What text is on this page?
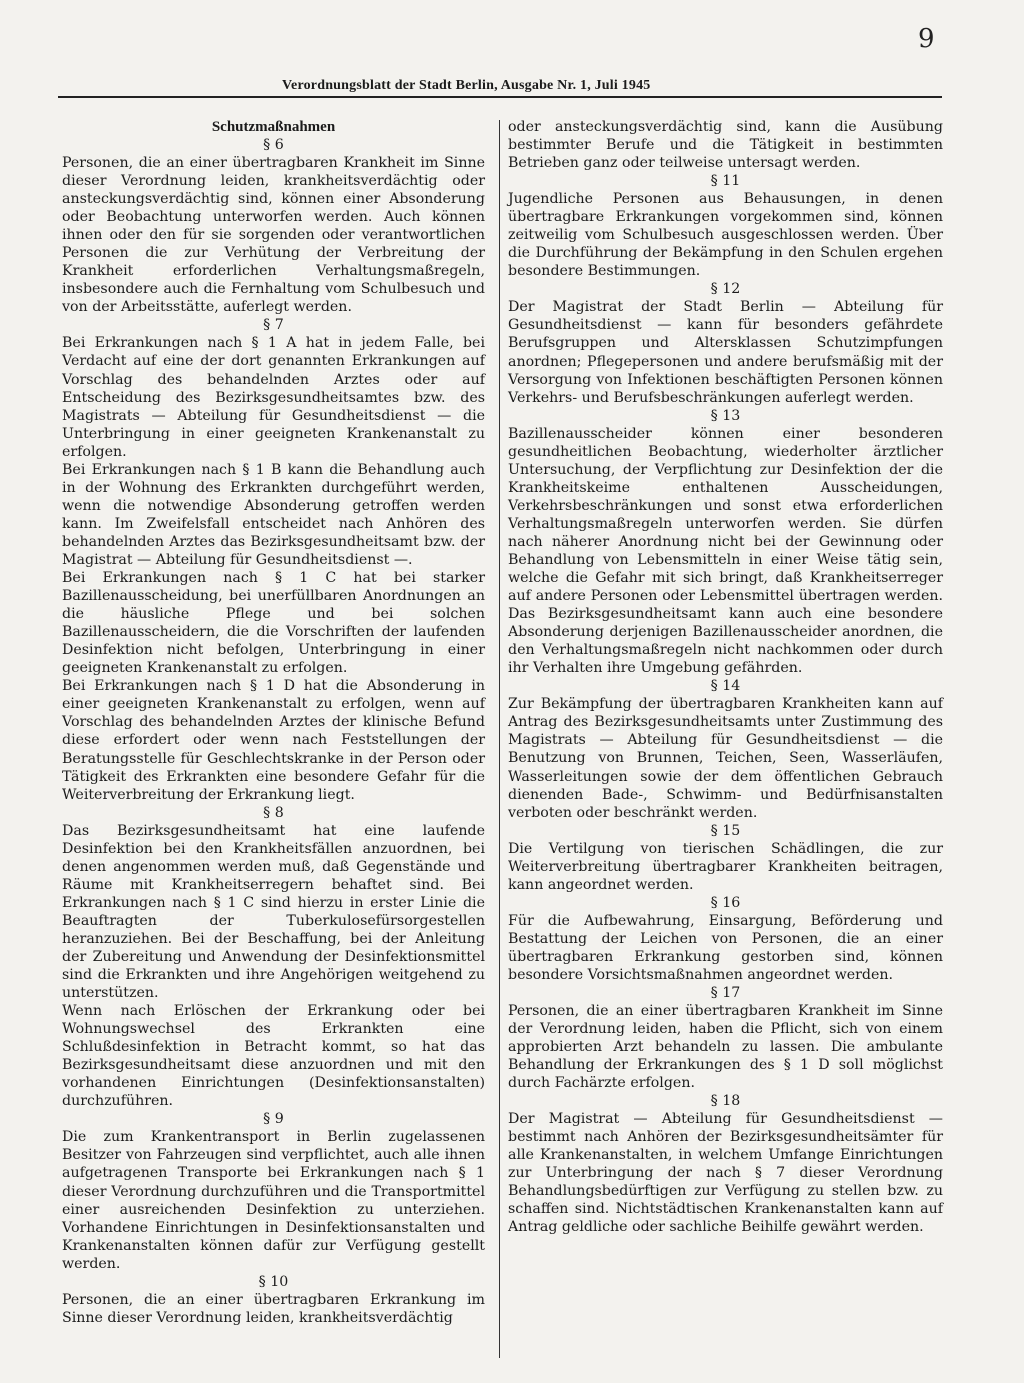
9

Verordnungsblatt der Stadt Berlin, Ausgabe Nr. 1, Juli 1945

Schutzmaßnahmen

§ 6

Personen, die an einer übertragbaren Krankheit im Sinne dieser Verordnung leiden, krankheitsverdächtig oder ansteckungsverdächtig sind, können einer Absonderung oder Beobachtung unterworfen werden. Auch können ihnen oder den für sie sorgenden oder verantwortlichen Personen die zur Verhütung der Verbreitung der Krankheit erforderlichen Verhaltungsmaßregeln, insbesondere auch die Fernhaltung vom Schulbesuch und von der Arbeitsstätte, auferlegt werden.

§ 7

Bei Erkrankungen nach § 1 A hat in jedem Falle, bei Verdacht auf eine der dort genannten Erkrankungen auf Vorschlag des behandelnden Arztes oder auf Entscheidung des Bezirksgesundheitsamtes bzw. des Magistrats — Abteilung für Gesundheitsdienst — die Unterbringung in einer geeigneten Krankenanstalt zu erfolgen.

Bei Erkrankungen nach § 1 B kann die Behandlung auch in der Wohnung des Erkrankten durchgeführt werden, wenn die notwendige Absonderung getroffen werden kann. Im Zweifelsfall entscheidet nach Anhören des behandelnden Arztes das Bezirksgesundheitsamt bzw. der Magistrat — Abteilung für Gesundheitsdienst —.

Bei Erkrankungen nach § 1 C hat bei starker Bazillenausscheidung, bei unerfüllbaren Anordnungen an die häusliche Pflege und bei solchen Bazillenausscheidern, die die Vorschriften der laufenden Desinfektion nicht befolgen, Unterbringung in einer geeigneten Krankenanstalt zu erfolgen.

Bei Erkrankungen nach § 1 D hat die Absonderung in einer geeigneten Krankenanstalt zu erfolgen, wenn auf Vorschlag des behandelnden Arztes der klinische Befund diese erfordert oder wenn nach Feststellungen der Beratungsstelle für Geschlechtskranke in der Person oder Tätigkeit des Erkrankten eine besondere Gefahr für die Weiterverbreitung der Erkrankung liegt.

§ 8

Das Bezirksgesundheitsamt hat eine laufende Desinfektion bei den Krankheitsfällen anzuordnen, bei denen angenommen werden muß, daß Gegenstände und Räume mit Krankheitserregern behaftet sind. Bei Erkrankungen nach § 1 C sind hierzu in erster Linie die Beauftragten der Tuberkulosefürsorgestellen heranzuziehen. Bei der Beschaffung, bei der Anleitung der Zubereitung und Anwendung der Desinfektionsmittel sind die Erkrankten und ihre Angehörigen weitgehend zu unterstützen.

Wenn nach Erlöschen der Erkrankung oder bei Wohnungswechsel des Erkrankten eine Schlußdesinfektion in Betracht kommt, so hat das Bezirksgesundheitsamt diese anzuordnen und mit den vorhandenen Einrichtungen (Desinfektionsanstalten) durchzuführen.

§ 9

Die zum Krankentransport in Berlin zugelassenen Besitzer von Fahrzeugen sind verpflichtet, auch alle ihnen aufgetragenen Transporte bei Erkrankungen nach § 1 dieser Verordnung durchzuführen und die Transportmittel einer ausreichenden Desinfektion zu unterziehen. Vorhandene Einrichtungen in Desinfektionsanstalten und Krankenanstalten können dafür zur Verfügung gestellt werden.

§ 10

Personen, die an einer übertragbaren Erkrankung im Sinne dieser Verordnung leiden, krankheitsverdächtig

oder ansteckungsverdächtig sind, kann die Ausübung bestimmter Berufe und die Tätigkeit in bestimmten Betrieben ganz oder teilweise untersagt werden.

§ 11

Jugendliche Personen aus Behausungen, in denen übertragbare Erkrankungen vorgekommen sind, können zeitweilig vom Schulbesuch ausgeschlossen werden. Über die Durchführung der Bekämpfung in den Schulen ergehen besondere Bestimmungen.

§ 12

Der Magistrat der Stadt Berlin — Abteilung für Gesundheitsdienst — kann für besonders gefährdete Berufsgruppen und Altersklassen Schutzimpfungen anordnen; Pflegepersonen und andere berufsmäßig mit der Versorgung von Infektionen beschäftigten Personen können Verkehrs- und Berufsbeschränkungen auferlegt werden.

§ 13

Bazillenausscheider können einer besonderen gesundheitlichen Beobachtung, wiederholter ärztlicher Untersuchung, der Verpflichtung zur Desinfektion der die Krankheitskeime enthaltenen Ausscheidungen, Verkehrsbeschränkungen und sonst etwa erforderlichen Verhaltungsmaßregeln unterworfen werden. Sie dürfen nach näherer Anordnung nicht bei der Gewinnung oder Behandlung von Lebensmitteln in einer Weise tätig sein, welche die Gefahr mit sich bringt, daß Krankheitserreger auf andere Personen oder Lebensmittel übertragen werden. Das Bezirksgesundheitsamt kann auch eine besondere Absonderung derjenigen Bazillenausscheider anordnen, die den Verhaltungsmaßregeln nicht nachkommen oder durch ihr Verhalten ihre Umgebung gefährden.

§ 14

Zur Bekämpfung der übertragbaren Krankheiten kann auf Antrag des Bezirksgesundheitsamts unter Zustimmung des Magistrats — Abteilung für Gesundheitsdienst — die Benutzung von Brunnen, Teichen, Seen, Wasserläufen, Wasserleitungen sowie der dem öffentlichen Gebrauch dienenden Bade-, Schwimm- und Bedürfnisanstalten verboten oder beschränkt werden.

§ 15

Die Vertilgung von tierischen Schädlingen, die zur Weiterverbreitung übertragbarer Krankheiten beitragen, kann angeordnet werden.

§ 16

Für die Aufbewahrung, Einsargung, Beförderung und Bestattung der Leichen von Personen, die an einer übertragbaren Erkrankung gestorben sind, können besondere Vorsichtsmaßnahmen angeordnet werden.

§ 17

Personen, die an einer übertragbaren Krankheit im Sinne der Verordnung leiden, haben die Pflicht, sich von einem approbierten Arzt behandeln zu lassen. Die ambulante Behandlung der Erkrankungen des § 1 D soll möglichst durch Fachärzte erfolgen.

§ 18

Der Magistrat — Abteilung für Gesundheitsdienst — bestimmt nach Anhören der Bezirksgesundheitsämter für alle Krankenanstalten, in welchem Umfange Einrichtungen zur Unterbringung der nach § 7 dieser Verordnung Behandlungsbedürftigen zur Verfügung zu stellen bzw. zu schaffen sind. Nichtstädtischen Krankenanstalten kann auf Antrag geldliche oder sachliche Beihilfe gewährt werden.
